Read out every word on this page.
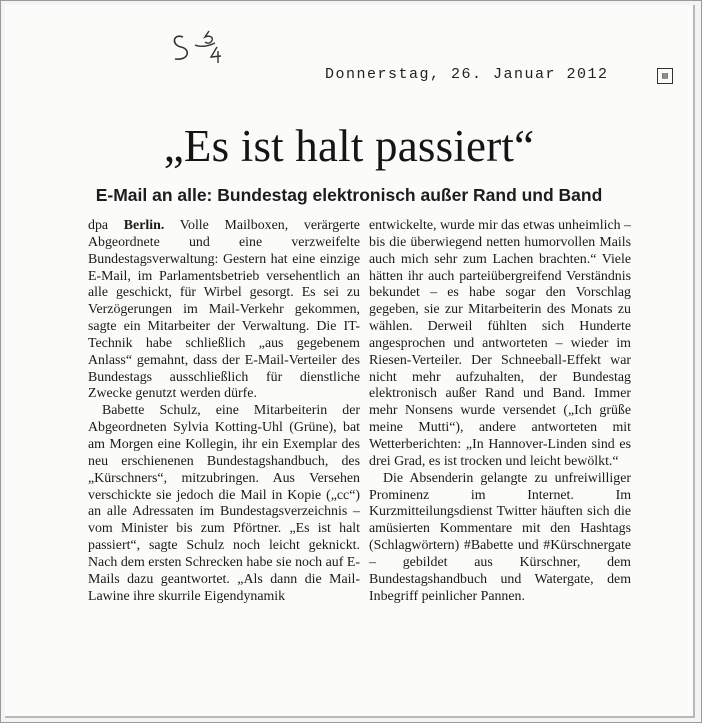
Donnerstag, 26. Januar 2012	▤
„Es ist halt passiert“
E-Mail an alle: Bundestag elektronisch außer Rand und Band

dpa Berlin. Volle Mailboxen, verärgerte Abgeordnete und eine verzweifelte Bundestagsverwaltung: Gestern hat eine einzige E-Mail, im Parlamentsbetrieb versehentlich an alle geschickt, für Wirbel gesorgt. Es sei zu Verzögerungen im Mail-Verkehr gekommen, sagte ein Mitarbeiter der Verwaltung. Die IT-Technik habe schließlich „aus gegebenem Anlass“ gemahnt, dass der E-Mail-Verteiler des Bundestags ausschließlich für dienstliche Zwecke genutzt werden dürfe.

Babette Schulz, eine Mitarbeiterin der Abgeordneten Sylvia Kotting-Uhl (Grüne), bat am Morgen eine Kollegin, ihr ein Exemplar des neu erschienenen Bundestagshandbuch, des „Kürschners“, mitzubringen. Aus Versehen verschickte sie jedoch die Mail in Kopie („cc“) an alle Adressaten im Bundestagsverzeichnis – vom Minister bis zum Pförtner. „Es ist halt passiert“, sagte Schulz noch leicht geknickt. Nach dem ersten Schrecken habe sie noch auf E-Mails dazu geantwortet. „Als dann die Mail-Lawine ihre skurrile Eigendynamik

entwickelte, wurde mir das etwas unheimlich – bis die überwiegend netten humorvollen Mails auch mich sehr zum Lachen brachten.“ Viele hätten ihr auch parteiübergreifend Verständnis bekundet – es habe sogar den Vorschlag gegeben, sie zur Mitarbeiterin des Monats zu wählen. Derweil fühlten sich Hunderte angesprochen und antworteten – wieder im Riesen-Verteiler. Der Schneeball-Effekt war nicht mehr aufzuhalten, der Bundestag elektronisch außer Rand und Band. Immer mehr Nonsens wurde versendet („Ich grüße meine Mutti“), andere antworteten mit Wetterberichten: „In Hannover-Linden sind es drei Grad, es ist trocken und leicht bewölkt.“

Die Absenderin gelangte zu unfreiwilliger Prominenz im Internet. Im Kurzmitteilungsdienst Twitter häuften sich die amüsierten Kommentare mit den Hashtags (Schlagwörtern) #Babette und #Kürschnergate – gebildet aus Kürschner, dem Bundestagshandbuch und Watergate, dem Inbegriff peinlicher Pannen.
